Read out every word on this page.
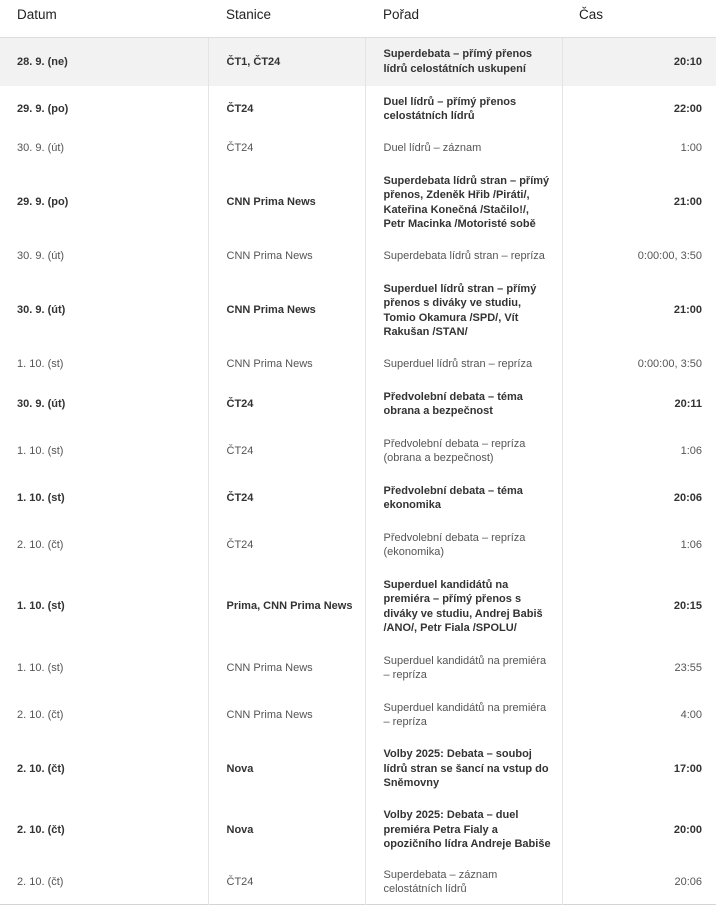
Datum	Stanice	Pořad	Čas
28. 9. (ne)	ČT1, ČT24	Superdebata – přímý přenos lídrů celostátních uskupení	20:10
29. 9. (po)	ČT24	Duel lídrů – přímý přenos celostátních lídrů	22:00
30. 9. (út)	ČT24	Duel lídrů – záznam	1:00
29. 9. (po)	CNN Prima News	Superdebata lídrů stran – přímý přenos, Zdeněk Hřib /Piráti/, Kateřina Konečná /Stačilo!/, Petr Macinka /Motoristé sobě	21:00
30. 9. (út)	CNN Prima News	Superdebata lídrů stran – repríza	0:00:00, 3:50
30. 9. (út)	CNN Prima News	Superduel lídrů stran – přímý přenos s diváky ve studiu, Tomio Okamura /SPD/, Vít Rakušan /STAN/	21:00
1. 10. (st)	CNN Prima News	Superduel lídrů stran – repríza	0:00:00, 3:50
30. 9. (út)	ČT24	Předvolební debata – téma obrana a bezpečnost	20:11
1. 10. (st)	ČT24	Předvolební debata – repríza (obrana a bezpečnost)	1:06
1. 10. (st)	ČT24	Předvolební debata – téma ekonomika	20:06
2. 10. (čt)	ČT24	Předvolební debata – repríza (ekonomika)	1:06
1. 10. (st)	Prima, CNN Prima News	Superduel kandidátů na premiéra – přímý přenos s diváky ve studiu, Andrej Babiš /ANO/, Petr Fiala /SPOLU/	20:15
1. 10. (st)	CNN Prima News	Superduel kandidátů na premiéra – repríza	23:55
2. 10. (čt)	CNN Prima News	Superduel kandidátů na premiéra – repríza	4:00
2. 10. (čt)	Nova	Volby 2025: Debata – souboj lídrů stran se šancí na vstup do Sněmovny	17:00
2. 10. (čt)	Nova	Volby 2025: Debata – duel premiéra Petra Fialy a opozičního lídra Andreje Babiše	20:00
2. 10. (čt)	ČT24	Superdebata – záznam celostátních lídrů	20:06
